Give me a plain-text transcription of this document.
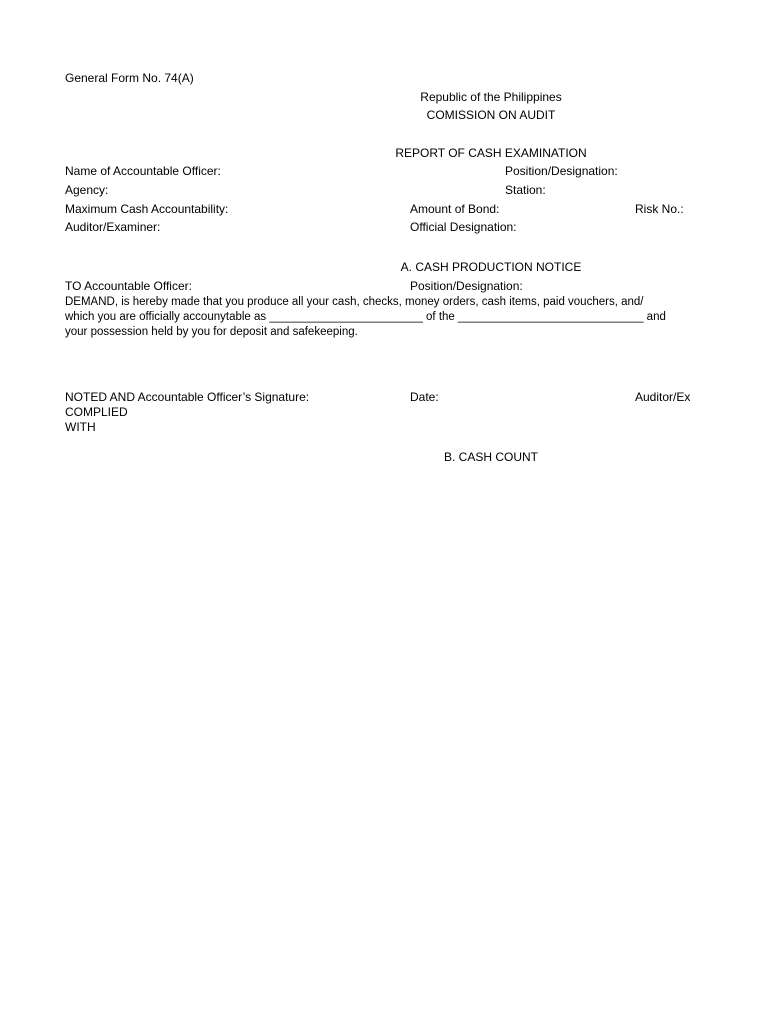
General Form No. 74(A)
Republic of the Philippines
COMISSION ON AUDIT
REPORT OF CASH EXAMINATION
Name of Accountable Officer:	Position/Designation:
Agency:	Station:
Maximum Cash Accountability:	Amount of Bond:	Risk No.:
Auditor/Examiner:	Official Designation:
A. CASH PRODUCTION NOTICE
TO Accountable Officer:	Position/Designation:
DEMAND, is hereby made that you produce all your cash, checks, money orders, cash items, paid vouchers, and/
which you are officially accounytable as ________________________ of the _____________________________ and
your possession held by you for deposit and safekeeping.
NOTED AND Accountable Officer’s Signature:	Date:	Auditor/Ex
COMPLIED
WITH
B. CASH COUNT
